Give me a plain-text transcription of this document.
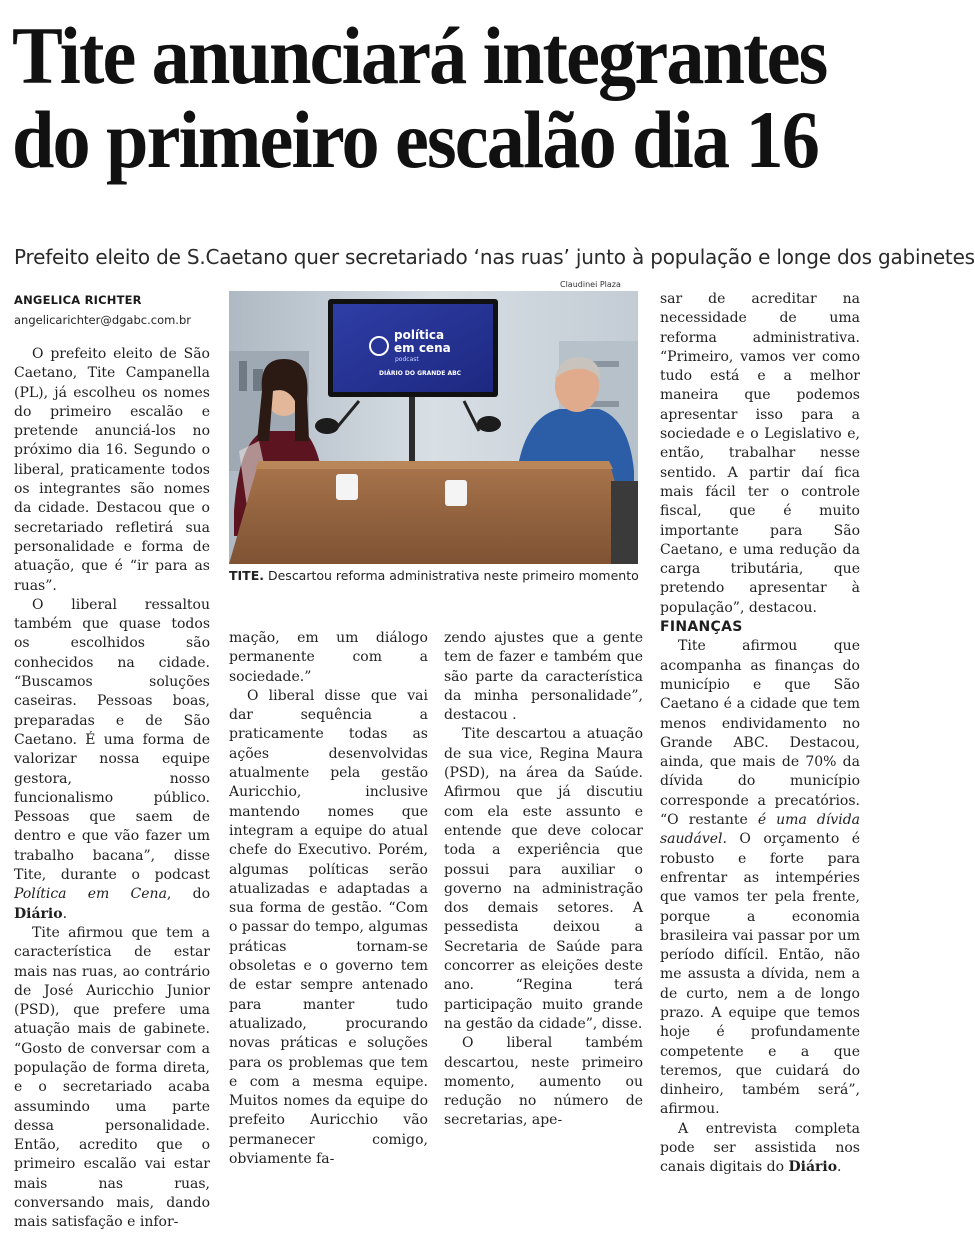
Tite anunciará integrantes
do primeiro escalão dia 16
Prefeito eleito de S.Caetano quer secretariado ‘nas ruas’ junto à população e longe dos gabinetes
ANGELICA RICHTER
angelicarichter@dgabc.com.br

O prefeito eleito de São Caetano, Tite Campanella (PL), já escolheu os nomes do primeiro escalão e pretende anunciá-los no próximo dia 16. Segundo o liberal, praticamente todos os integrantes são nomes da cidade. Destacou que o secretariado refletirá sua personalidade e forma de atuação, que é “ir para as ruas”.

O liberal ressaltou também que quase todos os escolhidos são conhecidos na cidade. “Buscamos soluções caseiras. Pessoas boas, preparadas e de São Caetano. É uma forma de valorizar nossa equipe gestora, nosso funcionalismo público. Pessoas que saem de dentro e que vão fazer um trabalho bacana”, disse Tite, durante o podcast Política em Cena, do Diário.

Tite afirmou que tem a característica de estar mais nas ruas, ao contrário de José Auricchio Junior (PSD), que prefere uma atuação mais de gabinete. “Gosto de conversar com a população de forma direta, e o secretariado acaba assumindo uma parte dessa personalidade. Então, acredito que o primeiro escalão vai estar mais nas ruas, conversando mais, dando mais satisfação e infor-

Claudinei Plaza
política
em cena
podcast
DIÁRIO DO GRANDE ABC
TITE. Descartou reforma administrativa neste primeiro momento

mação, em um diálogo permanente com a sociedade.”

O liberal disse que vai dar sequência a praticamente todas as ações desenvolvidas atualmente pela gestão Auricchio, inclusive mantendo nomes que integram a equipe do atual chefe do Executivo. Porém, algumas políticas serão atualizadas e adaptadas a sua forma de gestão. “Com o passar do tempo, algumas práticas tornam-se obsoletas e o governo tem de estar sempre antenado para manter tudo atualizado, procurando novas práticas e soluções para os problemas que tem e com a mesma equipe. Muitos nomes da equipe do prefeito Auricchio vão permanecer comigo, obviamente fa-

zendo ajustes que a gente tem de fazer e também que são parte da característica da minha personalidade”, destacou .

Tite descartou a atuação de sua vice, Regina Maura (PSD), na área da Saúde. Afirmou que já discutiu com ela este assunto e entende que deve colocar toda a experiência que possui para auxiliar o governo na administração dos demais setores. A pessedista deixou a Secretaria de Saúde para concorrer as eleições deste ano. “Regina terá participação muito grande na gestão da cidade”, disse.

O liberal também descartou, neste primeiro momento, aumento ou redução no número de secretarias, ape-

sar de acreditar na necessidade de uma reforma administrativa. “Primeiro, vamos ver como tudo está e a melhor maneira que podemos apresentar isso para a sociedade e o Legislativo e, então, trabalhar nesse sentido. A partir daí fica mais fácil ter o controle fiscal, que é muito importante para São Caetano, e uma redução da carga tributária, que pretendo apresentar à população”, destacou.

FINANÇAS

Tite afirmou que acompanha as finanças do município e que São Caetano é a cidade que tem menos endividamento no Grande ABC. Destacou, ainda, que mais de 70% da dívida do município corresponde a precatórios. “O restante é uma dívida saudável. O orçamento é robusto e forte para enfrentar as intempéries que vamos ter pela frente, porque a economia brasileira vai passar por um período difícil. Então, não me assusta a dívida, nem a de curto, nem a de longo prazo. A equipe que temos hoje é profundamente competente e a que teremos, que cuidará do dinheiro, também será”, afirmou.

A entrevista completa pode ser assistida nos canais digitais do Diário.
